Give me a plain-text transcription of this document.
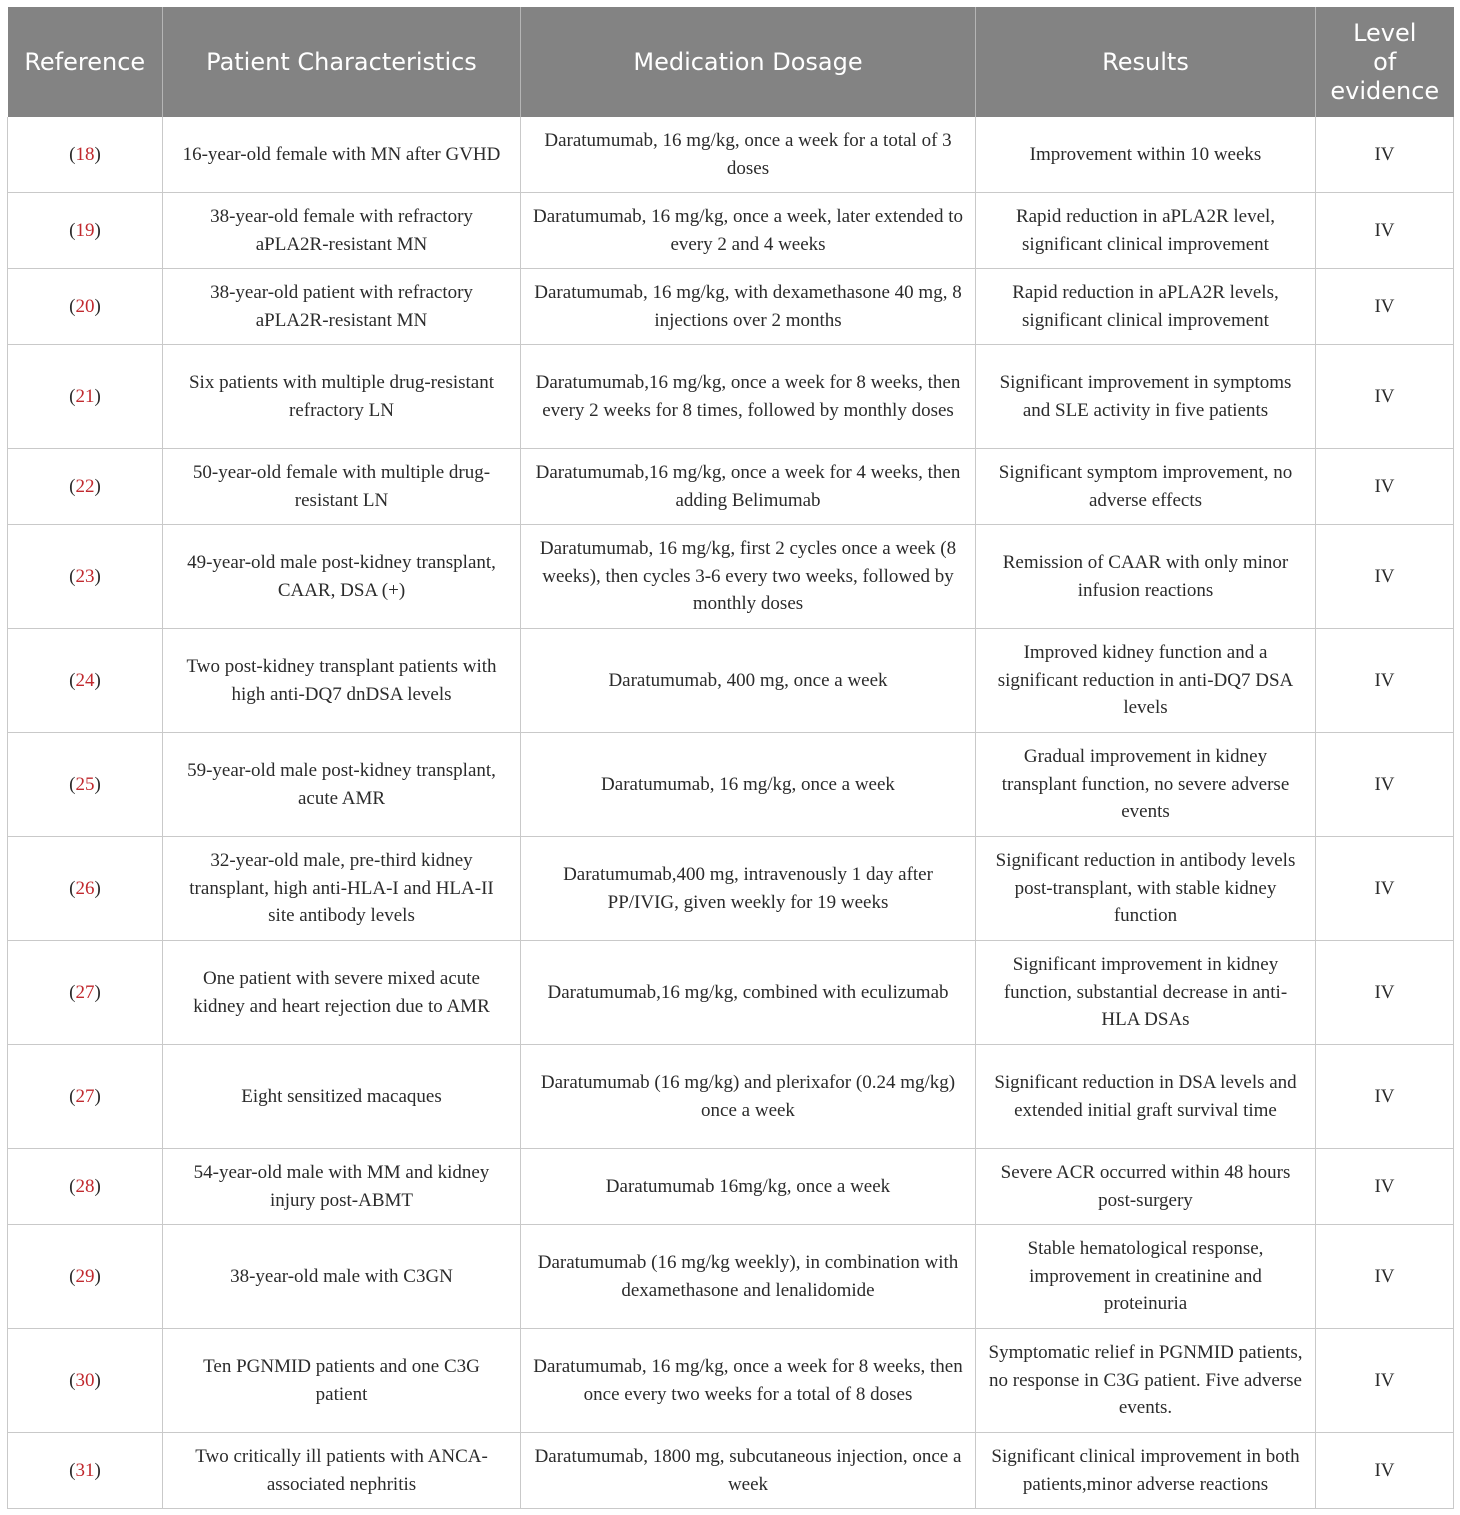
Reference	Patient Characteristics	Medication Dosage	Results	Level
of
evidence
(18)	16-year-old female with MN after GVHD	Daratumumab, 16 mg/kg, once a week for a total of 3 doses	Improvement within 10 weeks	IV
(19)	38-year-old female with refractory aPLA2R-resistant MN	Daratumumab, 16 mg/kg, once a week, later extended to every 2 and 4 weeks	Rapid reduction in aPLA2R level, significant clinical improvement	IV
(20)	38-year-old patient with refractory aPLA2R-resistant MN	Daratumumab, 16 mg/kg, with dexamethasone 40 mg, 8 injections over 2 months	Rapid reduction in aPLA2R levels, significant clinical improvement	IV
(21)	Six patients with multiple drug-resistant refractory LN	Daratumumab,16 mg/kg, once a week for 8 weeks, then every 2 weeks for 8 times, followed by monthly doses	Significant improvement in symptoms and SLE activity in five patients	IV
(22)	50-year-old female with multiple drug-resistant LN	Daratumumab,16 mg/kg, once a week for 4 weeks, then adding Belimumab	Significant symptom improvement, no adverse effects	IV
(23)	49-year-old male post-kidney transplant, CAAR, DSA (+)	Daratumumab, 16 mg/kg, first 2 cycles once a week (8 weeks), then cycles 3-6 every two weeks, followed by monthly doses	Remission of CAAR with only minor infusion reactions	IV
(24)	Two post-kidney transplant patients with high anti-DQ7 dnDSA levels	Daratumumab, 400 mg, once a week	Improved kidney function and a significant reduction in anti-DQ7 DSA levels	IV
(25)	59-year-old male post-kidney transplant, acute AMR	Daratumumab, 16 mg/kg, once a week	Gradual improvement in kidney transplant function, no severe adverse events	IV
(26)	32-year-old male, pre-third kidney transplant, high anti-HLA-I and HLA-II site antibody levels	Daratumumab,400 mg, intravenously 1 day after PP/IVIG, given weekly for 19 weeks	Significant reduction in antibody levels post-transplant, with stable kidney function	IV
(27)	One patient with severe mixed acute kidney and heart rejection due to AMR	Daratumumab,16 mg/kg, combined with eculizumab	Significant improvement in kidney function, substantial decrease in anti-HLA DSAs	IV
(27)	Eight sensitized macaques	Daratumumab (16 mg/kg) and plerixafor (0.24 mg/kg) once a week	Significant reduction in DSA levels and extended initial graft survival time	IV
(28)	54-year-old male with MM and kidney injury post-ABMT	Daratumumab 16mg/kg, once a week	Severe ACR occurred within 48 hours post-surgery	IV
(29)	38-year-old male with C3GN	Daratumumab (16 mg/kg weekly), in combination with dexamethasone and lenalidomide	Stable hematological response, improvement in creatinine and proteinuria	IV
(30)	Ten PGNMID patients and one C3G patient	Daratumumab, 16 mg/kg, once a week for 8 weeks, then once every two weeks for a total of 8 doses	Symptomatic relief in PGNMID patients, no response in C3G patient. Five adverse events.	IV
(31)	Two critically ill patients with ANCA-associated nephritis	Daratumumab, 1800 mg, subcutaneous injection, once a week	Significant clinical improvement in both patients,minor adverse reactions	IV
